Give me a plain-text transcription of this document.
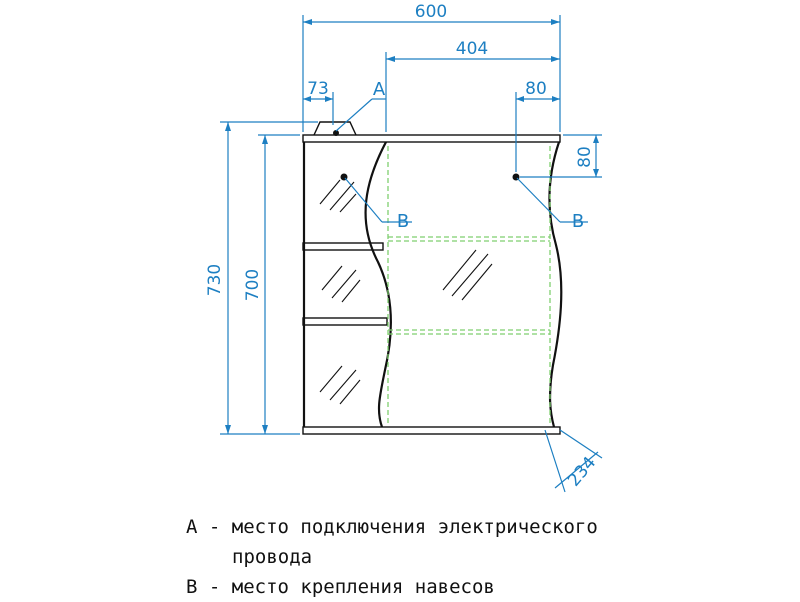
600
404
73	80
80
730 700
234
A
B	B
A - место подключения электрического
провода
B - место крепления навесов
